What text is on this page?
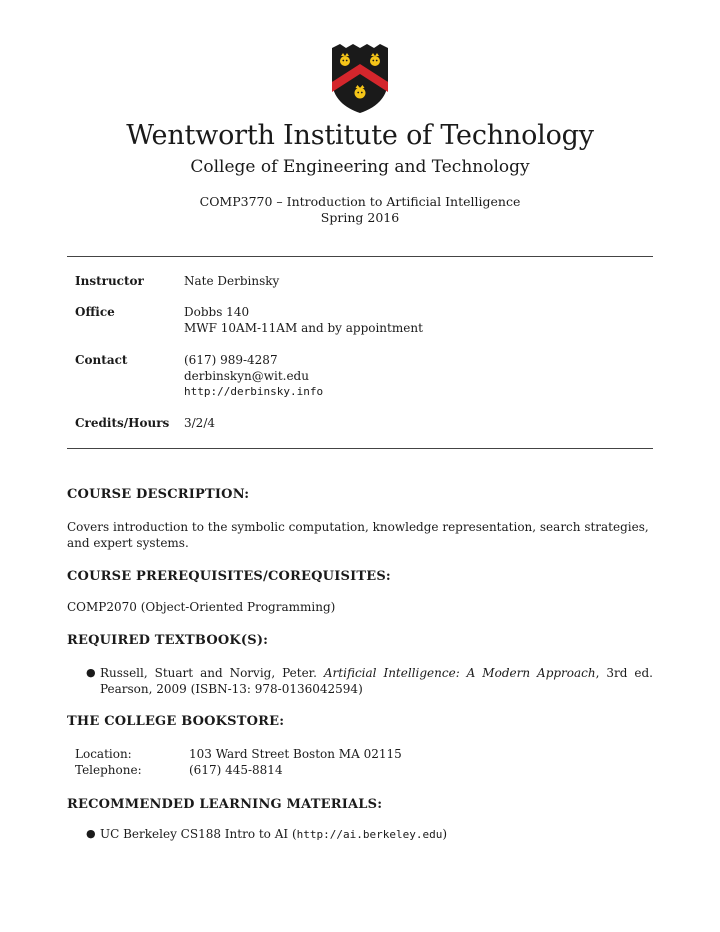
Wentworth Institute of Technology
College of Engineering and Technology
COMP3770 – Introduction to Artificial Intelligence
Spring 2016
Instructor	Nate Derbinsky
Office	Dobbs 140
MWF 10AM-11AM and by appointment
Contact	(617) 989-4287
derbinskyn@wit.edu
http://derbinsky.info
Credits/Hours 3/2/4
COURSE DESCRIPTION:
Covers introduction to the symbolic computation, knowledge representation, search strategies, and expert systems.
COURSE PREREQUISITES/COREQUISITES:
COMP2070 (Object-Oriented Programming)
REQUIRED TEXTBOOK(S):
● Russell, Stuart and Norvig, Peter. Artificial Intelligence: A Modern Approach, 3rd ed. Pearson, 2009 (ISBN-13: 978-0136042594)
THE COLLEGE BOOKSTORE:
Location:	103 Ward Street Boston MA 02115
Telephone:	(617) 445-8814
RECOMMENDED LEARNING MATERIALS:
● UC Berkeley CS188 Intro to AI (http://ai.berkeley.edu)
